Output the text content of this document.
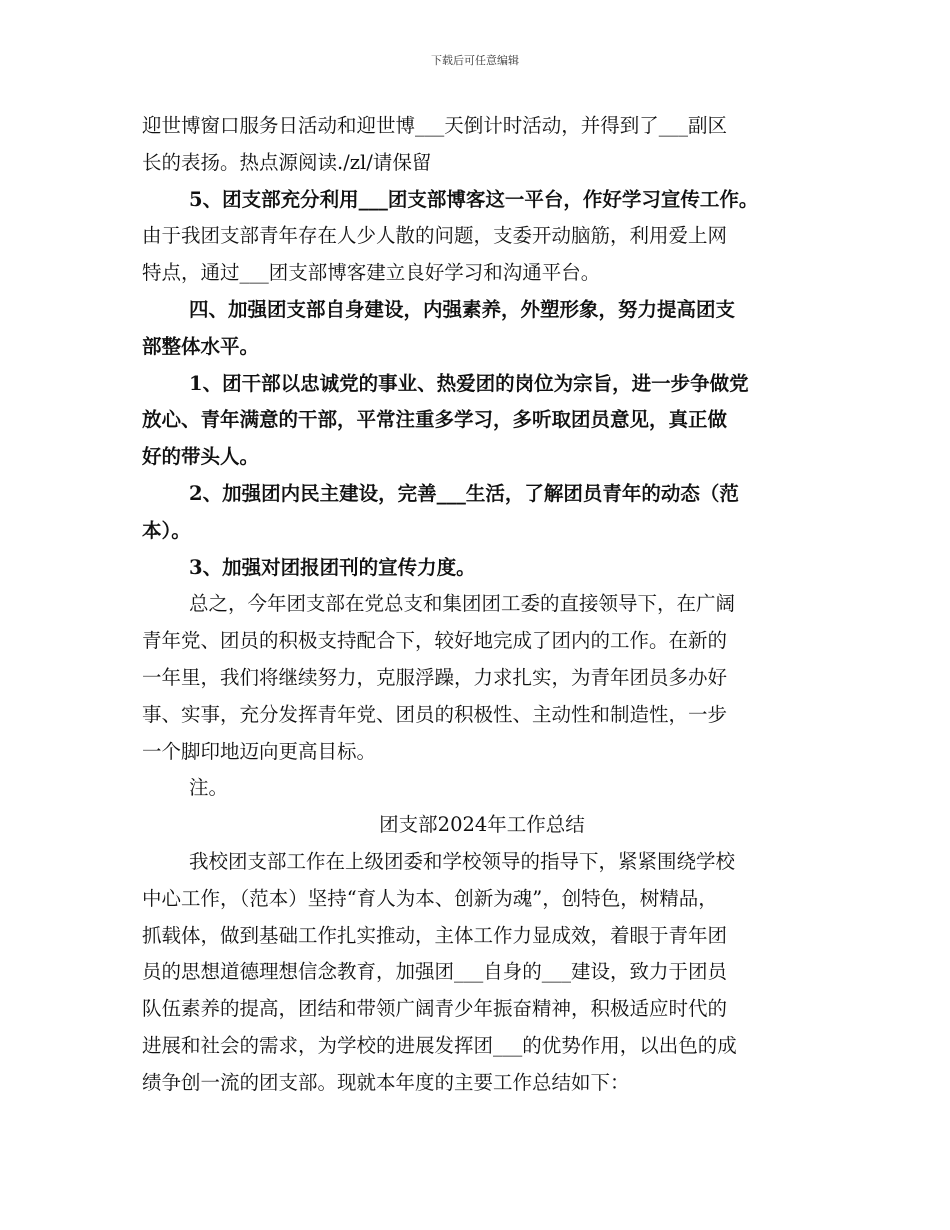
下载后可任意编辑
迎世博窗口服务日活动和迎世博___天倒计时活动，并得到了___副区
长的表扬。热点源阅读./zl/请保留
5、团支部充分利用___团支部博客这一平台，作好学习宣传工作。
由于我团支部青年存在人少人散的问题，支委开动脑筋，利用爱上网
特点，通过___团支部博客建立良好学习和沟通平台。
四、加强团支部自身建设，内强素养，外塑形象，努力提高团支
部整体水平。
1、团干部以忠诚党的事业、热爱团的岗位为宗旨，进一步争做党
放心、青年满意的干部，平常注重多学习，多听取团员意见，真正做
好的带头人。
2、加强团内民主建设，完善___生活，了解团员青年的动态（范
本）。
3、加强对团报团刊的宣传力度。
总之，今年团支部在党总支和集团团工委的直接领导下，在广阔
青年党、团员的积极支持配合下，较好地完成了团内的工作。在新的
一年里，我们将继续努力，克服浮躁，力求扎实，为青年团员多办好
事、实事，充分发挥青年党、团员的积极性、主动性和制造性，一步
一个脚印地迈向更高目标。
注。
团支部2024年工作总结
我校团支部工作在上级团委和学校领导的指导下，紧紧围绕学校
中心工作，（范本）坚持“育人为本、创新为魂”，创特色，树精品，
抓载体，做到基础工作扎实推动，主体工作力显成效，着眼于青年团
员的思想道德理想信念教育，加强团___自身的___建设，致力于团员
队伍素养的提高，团结和带领广阔青少年振奋精神，积极适应时代的
进展和社会的需求，为学校的进展发挥团___的优势作用，以出色的成
绩争创一流的团支部。现就本年度的主要工作总结如下：
